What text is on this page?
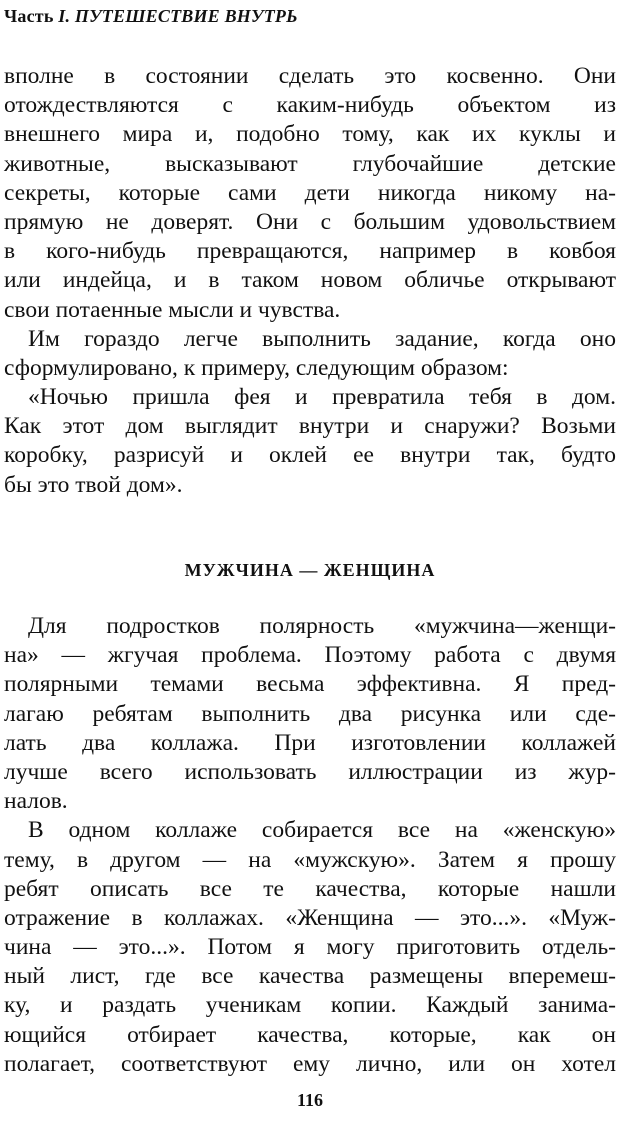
Часть I. ПУТЕШЕСТВИЕ ВНУТРЬ
вполне в состоянии сделать это косвенно. Они
отождествляются с каким-нибудь объектом из
внешнего мира и, подобно тому, как их куклы и
животные, высказывают глубочайшие детские
секреты, которые сами дети никогда никому на-
прямую не доверят. Они с большим удовольствием
в кого-нибудь превращаются, например в ковбоя
или индейца, и в таком новом обличье открывают
свои потаенные мысли и чувства.
Им гораздо легче выполнить задание, когда оно
сформулировано, к примеру, следующим образом:
«Ночью пришла фея и превратила тебя в дом.
Как этот дом выглядит внутри и снаружи? Возьми
коробку, разрисуй и оклей ее внутри так, будто
бы это твой дом».
МУЖЧИНА — ЖЕНЩИНА
Для подростков полярность «мужчина—женщи-
на» — жгучая проблема. Поэтому работа с двумя
полярными темами весьма эффективна. Я пред-
лагаю ребятам выполнить два рисунка или сде-
лать два коллажа. При изготовлении коллажей
лучше всего использовать иллюстрации из жур-
налов.
В одном коллаже собирается все на «женскую»
тему, в другом — на «мужскую». Затем я прошу
ребят описать все те качества, которые нашли
отражение в коллажах. «Женщина — это...». «Муж-
чина — это...». Потом я могу приготовить отдель-
ный лист, где все качества размещены вперемеш-
ку, и раздать ученикам копии. Каждый занима-
ющийся отбирает качества, которые, как он
полагает, соответствуют ему лично, или он хотел
116
